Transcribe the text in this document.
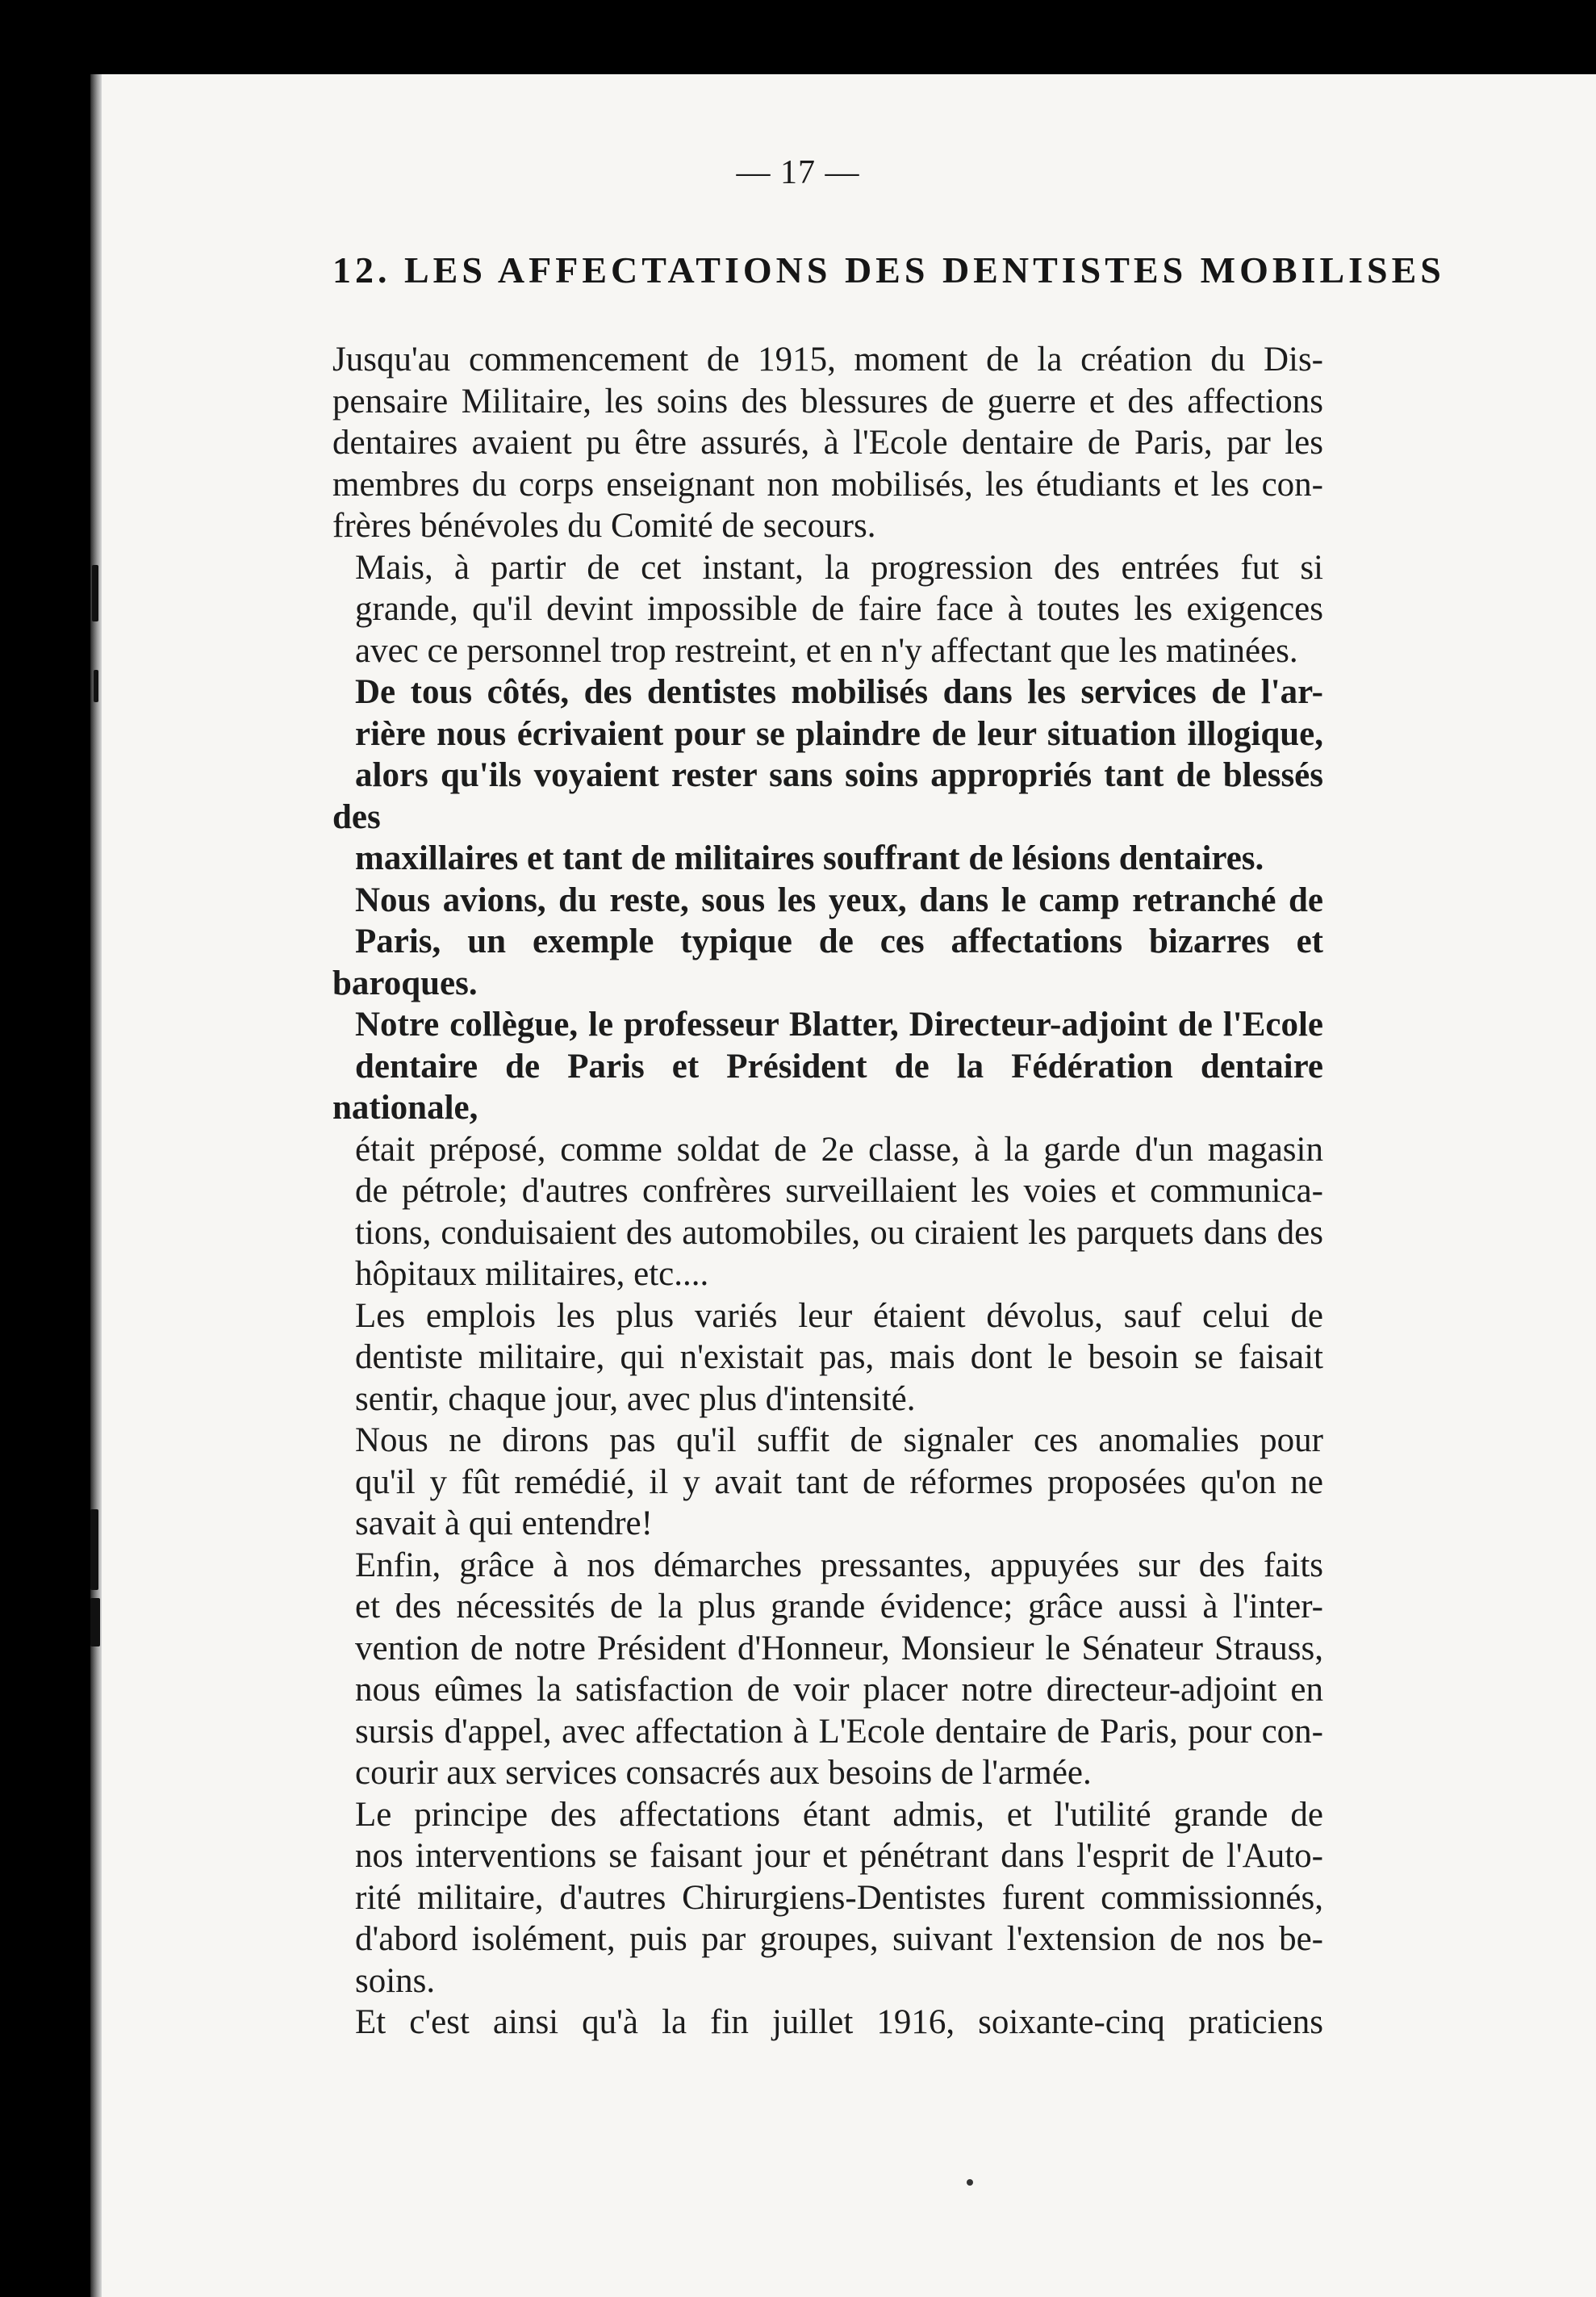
— 17 —
12. LES AFFECTATIONS DES DENTISTES MOBILISES

Jusqu'au commencement de 1915, moment de la création du Dis-
pensaire Militaire, les soins des blessures de guerre et des affections
dentaires avaient pu être assurés, à l'Ecole dentaire de Paris, par les
membres du corps enseignant non mobilisés, les étudiants et les con-
frères bénévoles du Comité de secours.

Mais, à partir de cet instant, la progression des entrées fut si
grande, qu'il devint impossible de faire face à toutes les exigences
avec ce personnel trop restreint, et en n'y affectant que les matinées.

De tous côtés, des dentistes mobilisés dans les services de l'ar-
rière nous écrivaient pour se plaindre de leur situation illogique,
alors qu'ils voyaient rester sans soins appropriés tant de blessés des
maxillaires et tant de militaires souffrant de lésions dentaires.

Nous avions, du reste, sous les yeux, dans le camp retranché de
Paris, un exemple typique de ces affectations bizarres et baroques.

Notre collègue, le professeur Blatter, Directeur-adjoint de l'Ecole
dentaire de Paris et Président de la Fédération dentaire nationale,
était préposé, comme soldat de 2e classe, à la garde d'un magasin
de pétrole; d'autres confrères surveillaient les voies et communica-
tions, conduisaient des automobiles, ou ciraient les parquets dans des
hôpitaux militaires, etc....

Les emplois les plus variés leur étaient dévolus, sauf celui de
dentiste militaire, qui n'existait pas, mais dont le besoin se faisait
sentir, chaque jour, avec plus d'intensité.

Nous ne dirons pas qu'il suffit de signaler ces anomalies pour
qu'il y fût remédié, il y avait tant de réformes proposées qu'on ne
savait à qui entendre!

Enfin, grâce à nos démarches pressantes, appuyées sur des faits
et des nécessités de la plus grande évidence; grâce aussi à l'inter-
vention de notre Président d'Honneur, Monsieur le Sénateur Strauss,
nous eûmes la satisfaction de voir placer notre directeur-adjoint en
sursis d'appel, avec affectation à L'Ecole dentaire de Paris, pour con-
courir aux services consacrés aux besoins de l'armée.

Le principe des affectations étant admis, et l'utilité grande de
nos interventions se faisant jour et pénétrant dans l'esprit de l'Auto-
rité militaire, d'autres Chirurgiens-Dentistes furent commissionnés,
d'abord isolément, puis par groupes, suivant l'extension de nos be-
soins.

Et c'est ainsi qu'à la fin juillet 1916, soixante-cinq praticiens
